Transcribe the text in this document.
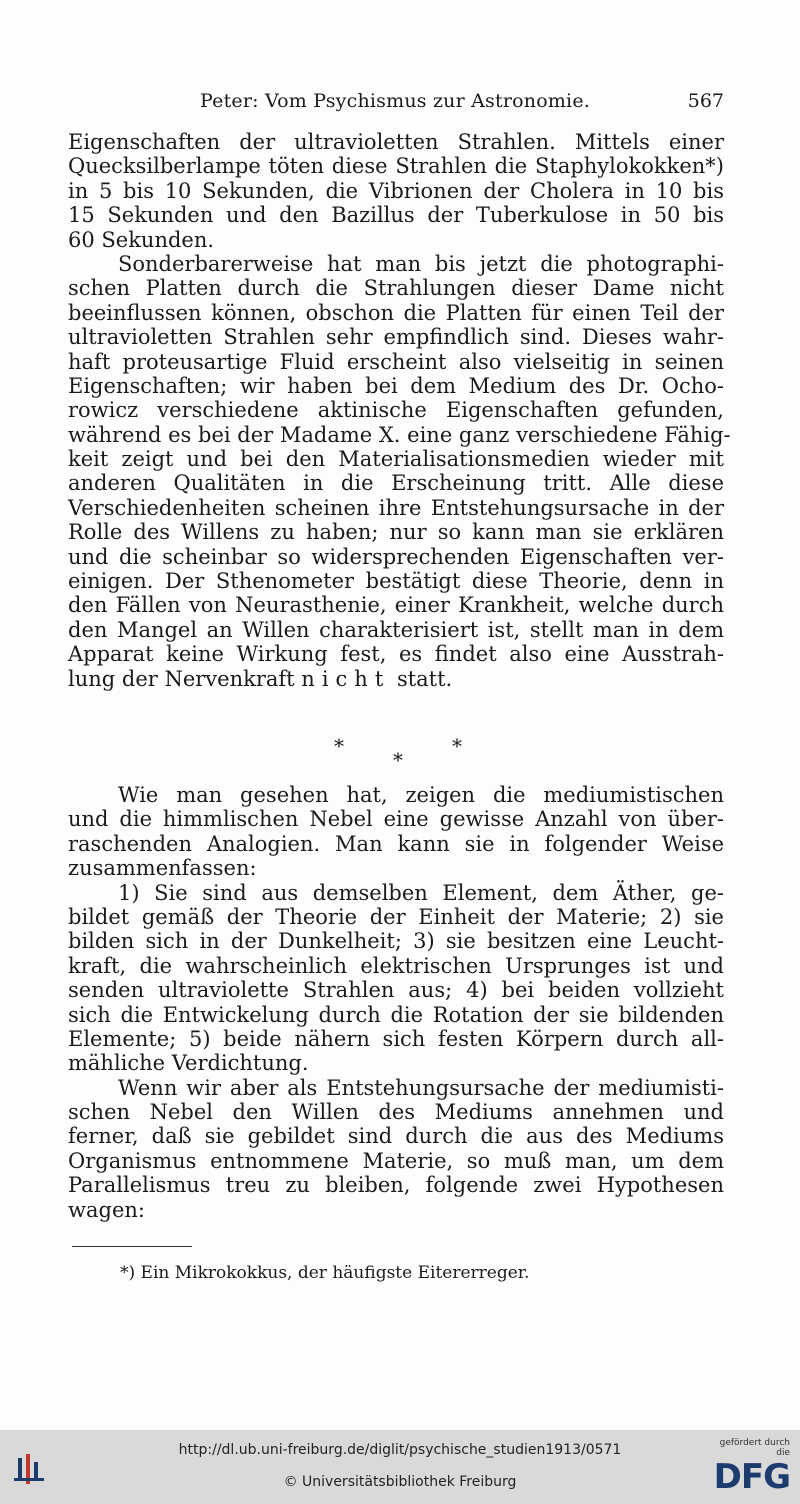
Peter: Vom Psychismus zur Astronomie.	567
Eigenschaften der ultravioletten Strahlen. Mittels einer
Quecksilberlampe töten diese Strahlen die Staphylokokken*)
in 5 bis 10 Sekunden, die Vibrionen der Cholera in 10 bis
15 Sekunden und den Bazillus der Tuberkulose in 50 bis
60 Sekunden.
Sonderbarerweise hat man bis jetzt die photographi-
schen Platten durch die Strahlungen dieser Dame nicht
beeinflussen können, obschon die Platten für einen Teil der
ultravioletten Strahlen sehr empfindlich sind. Dieses wahr-
haft proteusartige Fluid erscheint also vielseitig in seinen
Eigenschaften; wir haben bei dem Medium des Dr. Ocho-
rowicz verschiedene aktinische Eigenschaften gefunden,
während es bei der Madame X. eine ganz verschiedene Fähig-
keit zeigt und bei den Materialisationsmedien wieder mit
anderen Qualitäten in die Erscheinung tritt. Alle diese
Verschiedenheiten scheinen ihre Entstehungsursache in der
Rolle des Willens zu haben; nur so kann man sie erklären
und die scheinbar so widersprechenden Eigenschaften ver-
einigen. Der Sthenometer bestätigt diese Theorie, denn in
den Fällen von Neurasthenie, einer Krankheit, welche durch
den Mangel an Willen charakterisiert ist, stellt man in dem
Apparat keine Wirkung fest, es findet also eine Ausstrah-
lung der Nervenkraft nicht statt.
*	*
*
Wie man gesehen hat, zeigen die mediumistischen
und die himmlischen Nebel eine gewisse Anzahl von über-
raschenden Analogien. Man kann sie in folgender Weise
zusammenfassen:
1) Sie sind aus demselben Element, dem Äther, ge-
bildet gemäß der Theorie der Einheit der Materie; 2) sie
bilden sich in der Dunkelheit; 3) sie besitzen eine Leucht-
kraft, die wahrscheinlich elektrischen Ursprunges ist und
senden ultraviolette Strahlen aus; 4) bei beiden vollzieht
sich die Entwickelung durch die Rotation der sie bildenden
Elemente; 5) beide nähern sich festen Körpern durch all-
mähliche Verdichtung.
Wenn wir aber als Entstehungsursache der mediumisti-
schen Nebel den Willen des Mediums annehmen und
ferner, daß sie gebildet sind durch die aus des Mediums
Organismus entnommene Materie, so muß man, um dem
Parallelismus treu zu bleiben, folgende zwei Hypothesen
wagen:
*) Ein Mikrokokkus, der häufigste Eitererreger.
http://dl.ub.uni-freiburg.de/diglit/psychische_studien1913/0571
© Universitätsbibliothek Freiburg
gefördert durch die
DFG
